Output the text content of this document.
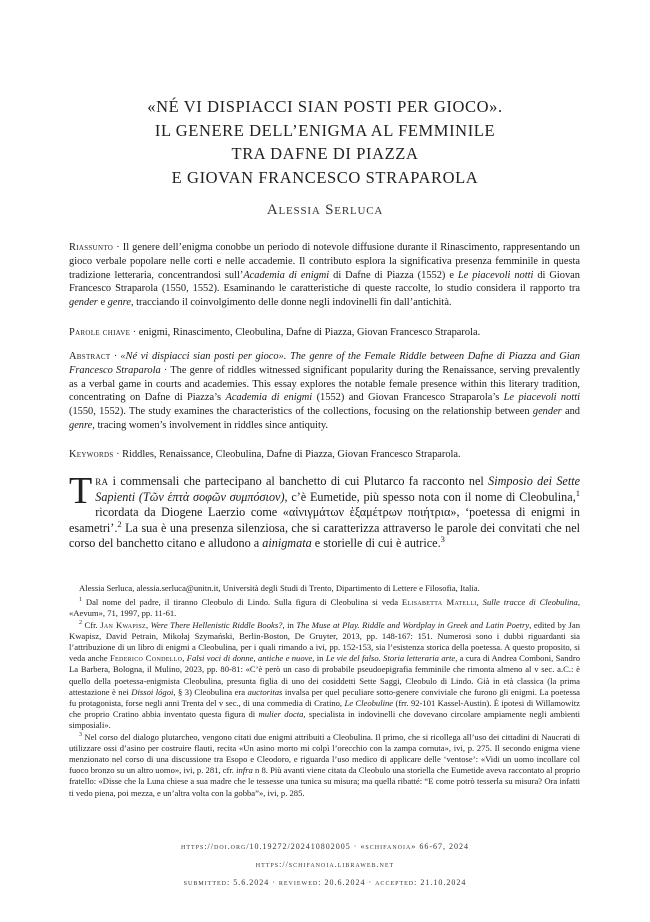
«NÉ VI DISPIACCI SIAN POSTI PER GIOCO».
IL GENERE DELL’ENIGMA AL FEMMINILE
TRA DAFNE DI PIAZZA
E GIOVAN FRANCESCO STRAPAROLA
Alessia Serluca
Riassunto · Il genere dell’enigma conobbe un periodo di notevole diffusione durante il Rinascimento, rappresentando un gioco verbale popolare nelle corti e nelle accademie. Il contributo esplora la significativa presenza femminile in questa tradizione letteraria, concentrandosi sull’Academia di enigmi di Dafne di Piazza (1552) e Le piacevoli notti di Giovan Francesco Straparola (1550, 1552). Esaminando le caratteristiche di queste raccolte, lo studio considera il rapporto tra gender e genre, tracciando il coinvolgimento delle donne negli indovinelli fin dall’antichità.
Parole chiave · enigmi, Rinascimento, Cleobulina, Dafne di Piazza, Giovan Francesco Straparola.
Abstract · «Né vi dispiacci sian posti per gioco». The genre of the Female Riddle between Dafne di Piazza and Gian Francesco Straparola · The genre of riddles witnessed significant popularity during the Renaissance, serving prevalently as a verbal game in courts and academies. This essay explores the notable female presence within this literary tradition, concentrating on Dafne di Piazza’s Academia di enigmi (1552) and Giovan Francesco Straparola’s Le piacevoli notti (1550, 1552). The study examines the characteristics of the collections, focusing on the relationship between gender and genre, tracing women’s involvement in riddles since antiquity.
Keywords · Riddles, Renaissance, Cleobulina, Dafne di Piazza, Giovan Francesco Straparola.
Tra i commensali che partecipano al banchetto di cui Plutarco fa racconto nel Simposio dei Sette Sapienti (Τῶν ἑπτὰ σοφῶν συμπόσιον), c’è Eumetide, più spesso nota con il nome di Cleobulina,$^1$ ricordata da Diogene Laerzio come «αἰνιγμάτων ἑξαμέτρων ποιήτρια», ‘poetessa di enigmi in esametri’.$^2$ La sua è una presenza silenziosa, che si caratterizza attraverso le parole dei convitati che nel corso del banchetto citano e alludono a ainigmata e storielle di cui è autrice.$^3$

Alessia Serluca, alessia.serluca@unitn.it, Università degli Studi di Trento, Dipartimento di Lettere e Filosofia, Italia.

$^1$ Dal nome del padre, il tiranno Cleobulo di Lindo. Sulla figura di Cleobulina si veda Elisabetta Matelli, Sulle tracce di Cleobulina, «Aevum», 71, 1997, pp. 11-61.

$^2$ Cfr. Jan Kwapisz, Were There Hellenistic Riddle Books?, in The Muse at Play. Riddle and Wordplay in Greek and Latin Poetry, edited by Jan Kwapisz, David Petrain, Mikołaj Szymański, Berlin-Boston, De Gruyter, 2013, pp. 148-167: 151. Numerosi sono i dubbi riguardanti sia l’attribuzione di un libro di enigmi a Cleobulina, per i quali rimando a ivi, pp. 152-153, sia l’esistenza storica della poetessa. A questo proposito, si veda anche Federico Condello, Falsi voci di donne, antiche e nuove, in Le vie del falso. Storia letteraria arte, a cura di Andrea Comboni, Sandro La Barbera, Bologna, il Mulino, 2023, pp. 80-81: «C’è però un caso di probabile pseudoepigrafia femminile che rimonta almeno al v sec. a.C.: è quello della poetessa-enigmista Cleobulina, presunta figlia di uno dei cosiddetti Sette Saggi, Cleobulo di Lindo. Già in età classica (la prima attestazione è nei Dissoi lógoi, § 3) Cleobulina era auctoritas invalsa per quel peculiare sotto-genere conviviale che furono gli enigmi. La poetessa fu protagonista, forse negli anni Trenta del v sec., di una commedia di Cratino, Le Cleobuline (frr. 92-101 Kassel-Austin). È ipotesi di Willamowitz che proprio Cratino abbia inventato questa figura di mulier docta, specialista in indovinelli che dovevano circolare ampiamente negli ambienti simposiali».

$^3$ Nel corso del dialogo plutarcheo, vengono citati due enigmi attribuiti a Cleobulina. Il primo, che si ricollega all’uso dei cittadini di Naucrati di utilizzare ossi d’asino per costruire flauti, recita «Un asino morto mi colpì l’orecchio con la zampa cornuta», ivi, p. 275. Il secondo enigma viene menzionato nel corso di una discussione tra Esopo e Cleodoro, e riguarda l’uso medico di applicare delle ‘ventose’: «Vidi un uomo incollare col fuoco bronzo su un altro uomo», ivi, p. 281, cfr. infra n 8. Più avanti viene citata da Cleobulo una storiella che Eumetide aveva raccontato al proprio fratello: «Disse che la Luna chiese a sua madre che le tessesse una tunica su misura; ma quella ribatté: “E come potrò tesserla su misura? Ora infatti ti vedo piena, poi mezza, e un’altra volta con la gobba”», ivi, p. 285.

https://doi.org/10.19272/202410802005 · «schifanoia» 66-67, 2024
https://schifanoia.libraweb.net
submitted: 5.6.2024 · reviewed: 20.6.2024 · accepted: 21.10.2024
